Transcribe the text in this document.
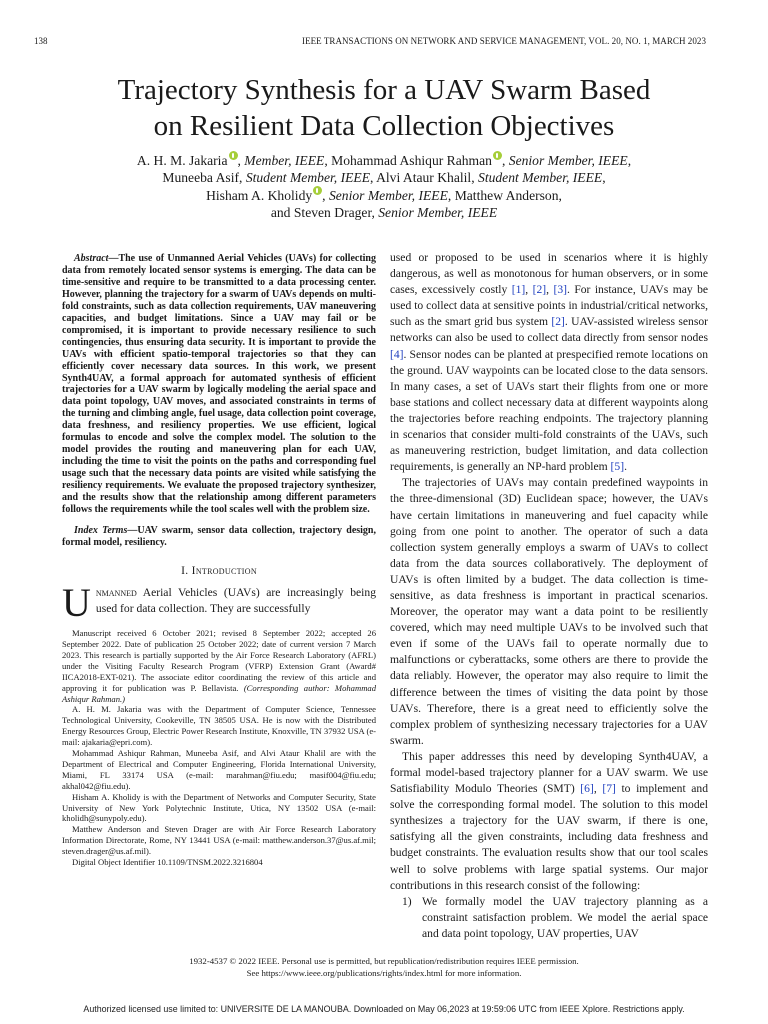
138	IEEE TRANSACTIONS ON NETWORK AND SERVICE MANAGEMENT, VOL. 20, NO. 1, MARCH 2023
Trajectory Synthesis for a UAV Swarm Based
on Resilient Data Collection Objectives
A. H. M. Jakaria , Member, IEEE, Mohammad Ashiqur Rahman , Senior Member, IEEE,
Muneeba Asif, Student Member, IEEE, Alvi Ataur Khalil, Student Member, IEEE,
Hisham A. Kholidy , Senior Member, IEEE, Matthew Anderson,
and Steven Drager, Senior Member, IEEE

Abstract—The use of Unmanned Aerial Vehicles (UAVs) for collecting data from remotely located sensor systems is emerging. The data can be time-sensitive and require to be transmitted to a data processing center. However, planning the trajectory for a swarm of UAVs depends on multi-fold constraints, such as data collection requirements, UAV maneuvering capacities, and budget limitations. Since a UAV may fail or be compromised, it is important to provide necessary resilience to such contingencies, thus ensuring data security. It is important to provide the UAVs with efficient spatio-temporal trajectories so that they can efficiently cover necessary data sources. In this work, we present Synth4UAV, a formal approach for automated synthesis of efficient trajectories for a UAV swarm by logically modeling the aerial space and data point topology, UAV moves, and associated constraints in terms of the turning and climbing angle, fuel usage, data collection point coverage, data freshness, and resiliency properties. We use efficient, logical formulas to encode and solve the complex model. The solution to the model provides the routing and maneuvering plan for each UAV, including the time to visit the points on the paths and corresponding fuel usage such that the necessary data points are visited while satisfying the resiliency requirements. We evaluate the proposed trajectory synthesizer, and the results show that the relationship among different parameters follows the requirements while the tool scales well with the problem size.

Index Terms—UAV swarm, sensor data collection, trajectory design, formal model, resiliency.

I. Introduction

Unmanned Aerial Vehicles (UAVs) are increasingly being used for data collection. They are successfully

Manuscript received 6 October 2021; revised 8 September 2022; accepted 26 September 2022. Date of publication 25 October 2022; date of current version 7 March 2023. This research is partially supported by the Air Force Research Laboratory (AFRL) under the Visiting Faculty Research Program (VFRP) Extension Grant (Award# IICA2018-EXT-021). The associate editor coordinating the review of this article and approving it for publication was P. Bellavista. (Corresponding author: Mohammad Ashiqur Rahman.)

A. H. M. Jakaria was with the Department of Computer Science, Tennessee Technological University, Cookeville, TN 38505 USA. He is now with the Distributed Energy Resources Group, Electric Power Research Institute, Knoxville, TN 37932 USA (e-mail: ajakaria@epri.com).

Mohammad Ashiqur Rahman, Muneeba Asif, and Alvi Ataur Khalil are with the Department of Electrical and Computer Engineering, Florida International University, Miami, FL 33174 USA (e-mail: marahman@fiu.edu; masif004@fiu.edu; akhal042@fiu.edu).

Hisham A. Kholidy is with the Department of Networks and Computer Security, State University of New York Polytechnic Institute, Utica, NY 13502 USA (e-mail: kholidh@sunypoly.edu).

Matthew Anderson and Steven Drager are with Air Force Research Laboratory Information Directorate, Rome, NY 13441 USA (e-mail: matthew.anderson.37@us.af.mil; steven.drager@us.af.mil).

Digital Object Identifier 10.1109/TNSM.2022.3216804

used or proposed to be used in scenarios where it is highly dangerous, as well as monotonous for human observers, or in some cases, excessively costly [1], [2], [3]. For instance, UAVs may be used to collect data at sensitive points in industrial/critical networks, such as the smart grid bus system [2]. UAV-assisted wireless sensor networks can also be used to collect data directly from sensor nodes [4]. Sensor nodes can be planted at prespecified remote locations on the ground. UAV waypoints can be located close to the data sensors. In many cases, a set of UAVs start their flights from one or more base stations and collect necessary data at different waypoints along the trajectories before reaching endpoints. The trajectory planning in scenarios that consider multi-fold constraints of the UAVs, such as maneuvering restriction, budget limitation, and data collection requirements, is generally an NP-hard problem [5].

The trajectories of UAVs may contain predefined waypoints in the three-dimensional (3D) Euclidean space; however, the UAVs have certain limitations in maneuvering and fuel capacity while going from one point to another. The operator of such a data collection system generally employs a swarm of UAVs to collect data from the data sources collaboratively. The deployment of UAVs is often limited by a budget. The data collection is time-sensitive, as data freshness is important in practical scenarios. Moreover, the operator may want a data point to be resiliently covered, which may need multiple UAVs to be involved such that even if some of the UAVs fail to operate normally due to malfunctions or cyberattacks, some others are there to provide the data reliably. However, the operator may also require to limit the difference between the times of visiting the data point by those UAVs. Therefore, there is a great need to efficiently solve the complex problem of synthesizing necessary trajectories for a UAV swarm.

This paper addresses this need by developing Synth4UAV, a formal model-based trajectory planner for a UAV swarm. We use Satisfiability Modulo Theories (SMT) [6], [7] to implement and solve the corresponding formal model. The solution to this model synthesizes a trajectory for the UAV swarm, if there is one, satisfying all the given constraints, including data freshness and budget constraints. The evaluation results show that our tool scales well to solve problems with large spatial systems. Our major contributions in this research consist of the following:

1) We formally model the UAV trajectory planning as a constraint satisfaction problem. We model the aerial space and data point topology, UAV properties, UAV
1932-4537 © 2022 IEEE. Personal use is permitted, but republication/redistribution requires IEEE permission.
See https://www.ieee.org/publications/rights/index.html for more information.
Authorized licensed use limited to: UNIVERSITE DE LA MANOUBA. Downloaded on May 06,2023 at 19:59:06 UTC from IEEE Xplore. Restrictions apply.
